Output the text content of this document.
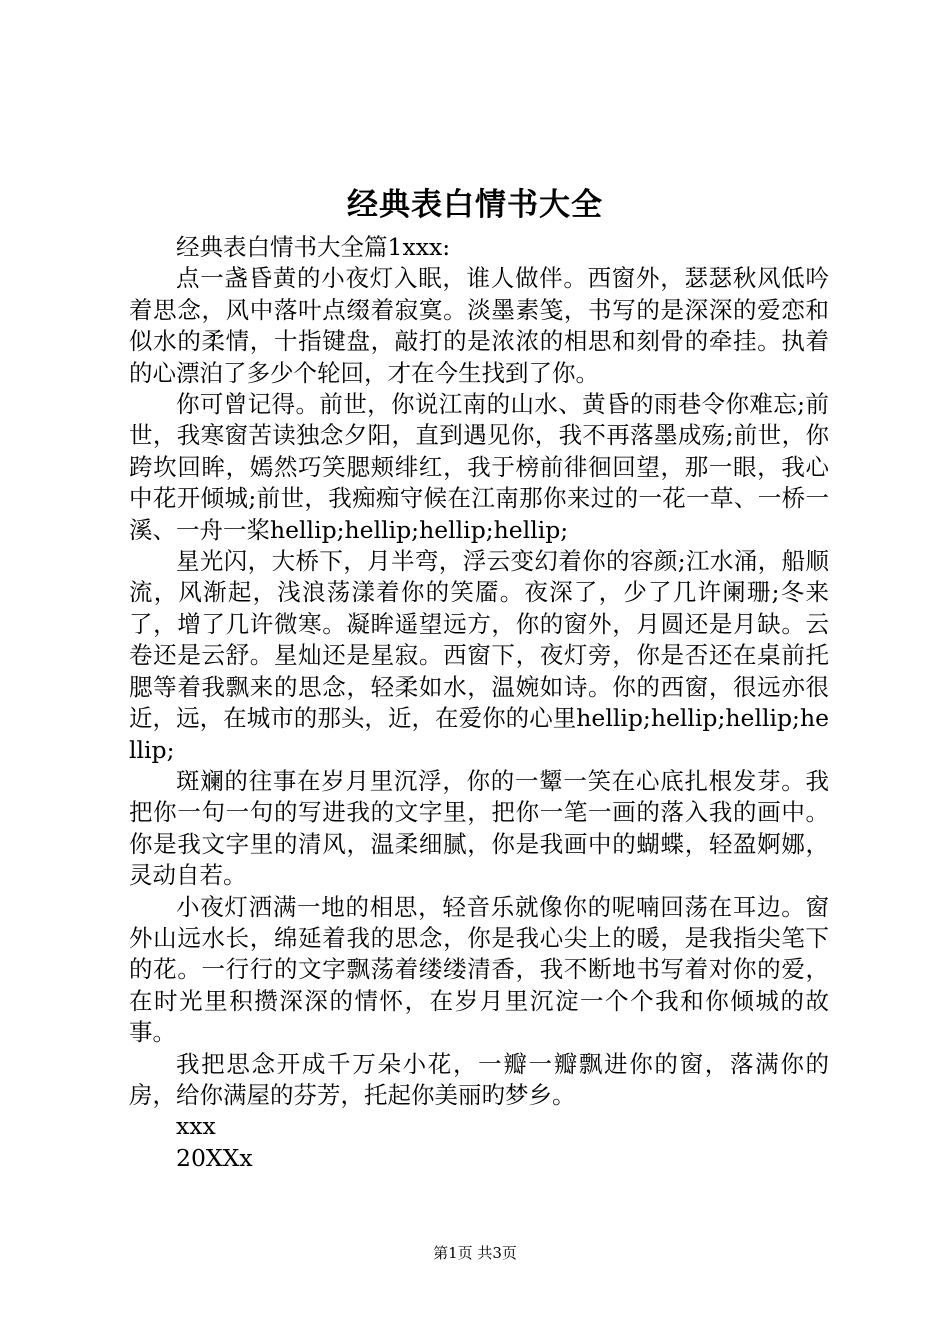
经典表白情书大全

经典表白情书大全篇1xxx:

点一盏昏黄的小夜灯入眠，谁人做伴。西窗外，瑟瑟秋风低吟着思念，风中落叶点缀着寂寞。淡墨素笺，书写的是深深的爱恋和似水的柔情，十指键盘，敲打的是浓浓的相思和刻骨的牵挂。执着的心漂泊了多少个轮回，才在今生找到了你。

你可曾记得。前世，你说江南的山水、黄昏的雨巷令你难忘;前世，我寒窗苦读独念夕阳，直到遇见你，我不再落墨成殇;前世，你跨坎回眸，嫣然巧笑腮颊绯红，我于榜前徘徊回望，那一眼，我心中花开倾城;前世，我痴痴守候在江南那你来过的一花一草、一桥一溪、一舟一桨hellip;hellip;hellip;hellip;

星光闪，大桥下，月半弯，浮云变幻着你的容颜;江水涌，船顺流，风渐起，浅浪荡漾着你的笑靥。夜深了，少了几许阑珊;冬来了，增了几许微寒。凝眸遥望远方，你的窗外，月圆还是月缺。云卷还是云舒。星灿还是星寂。西窗下，夜灯旁，你是否还在桌前托腮等着我飘来的思念，轻柔如水，温婉如诗。你的西窗，很远亦很近，远，在城市的那头，近，在爱你的心里hellip;hellip;hellip;hellip;

斑斓的往事在岁月里沉浮，你的一颦一笑在心底扎根发芽。我把你一句一句的写进我的文字里，把你一笔一画的落入我的画中。你是我文字里的清风，温柔细腻，你是我画中的蝴蝶，轻盈婀娜，灵动自若。

小夜灯洒满一地的相思，轻音乐就像你的呢喃回荡在耳边。窗外山远水长，绵延着我的思念，你是我心尖上的暖，是我指尖笔下的花。一行行的文字飘荡着缕缕清香，我不断地书写着对你的爱，在时光里积攒深深的情怀，在岁月里沉淀一个个我和你倾城的故事。

我把思念开成千万朵小花，一瓣一瓣飘进你的窗，落满你的房，给你满屋的芬芳，托起你美丽旳梦乡。

xxx

20XXx

第1页 共3页
